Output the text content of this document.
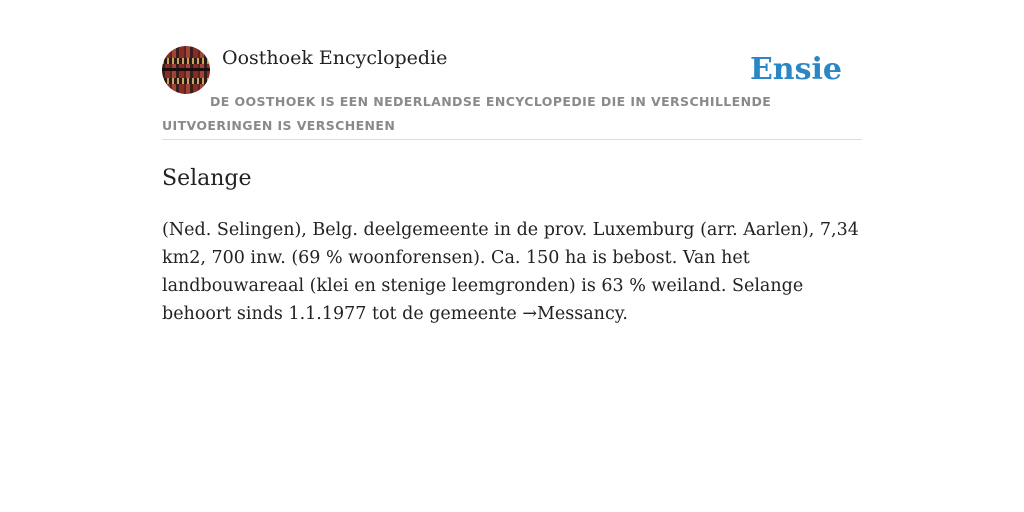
Oosthoek Encyclopedie	Ensie

DE OOSTHOEK IS EEN NEDERLANDSE ENCYCLOPEDIE DIE IN VERSCHILLENDE UITVOERINGEN IS VERSCHENEN

Selange

(Ned. Selingen), Belg. deelgemeente in de prov. Luxemburg (arr. Aarlen), 7,34 km2, 700 inw. (69 % woonforensen). Ca. 150 ha is bebost. Van het landbouwareaal (klei en stenige leemgronden) is 63 % weiland. Selange behoort sinds 1.1.1977 tot de gemeente →Messancy.
